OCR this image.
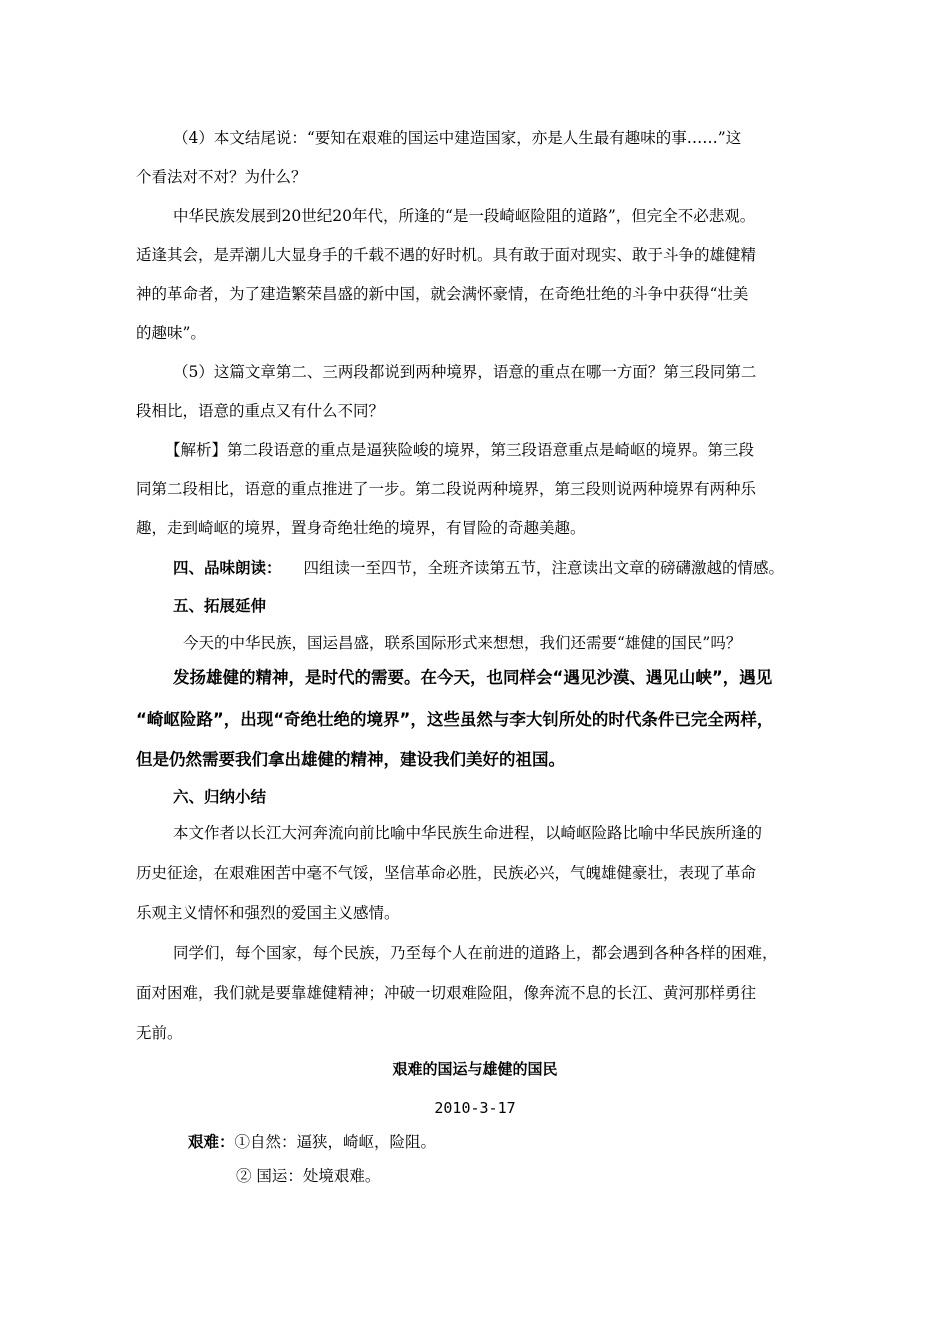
（4）本文结尾说：“要知在艰难的国运中建造国家，亦是人生最有趣味的事……”这
个看法对不对？为什么？
中华民族发展到20世纪20年代，所逢的“是一段崎岖险阻的道路”，但完全不必悲观。
适逢其会，是弄潮儿大显身手的千载不遇的好时机。具有敢于面对现实、敢于斗争的雄健精
神的革命者，为了建造繁荣昌盛的新中国，就会满怀豪情，在奇绝壮绝的斗争中获得“壮美
的趣味”。
（5）这篇文章第二、三两段都说到两种境界，语意的重点在哪一方面？第三段同第二
段相比，语意的重点又有什么不同？
【解析】第二段语意的重点是逼狭险峻的境界，第三段语意重点是崎岖的境界。第三段
同第二段相比，语意的重点推进了一步。第二段说两种境界，第三段则说两种境界有两种乐
趣，走到崎岖的境界，置身奇绝壮绝的境界，有冒险的奇趣美趣。
四、品味朗读： 四组读一至四节，全班齐读第五节，注意读出文章的磅礴激越的情感。
五、拓展延伸
今天的中华民族，国运昌盛，联系国际形式来想想，我们还需要“雄健的国民”吗？
发扬雄健的精神，是时代的需要。在今天，也同样会“遇见沙漠、遇见山峡”，遇见
“崎岖险路”，出现“奇绝壮绝的境界”，这些虽然与李大钊所处的时代条件已完全两样，
但是仍然需要我们拿出雄健的精神，建设我们美好的祖国。
六、归纳小结
本文作者以长江大河奔流向前比喻中华民族生命进程，以崎岖险路比喻中华民族所逢的
历史征途，在艰难困苦中毫不气馁，坚信革命必胜，民族必兴，气魄雄健豪壮，表现了革命
乐观主义情怀和强烈的爱国主义感情。
同学们，每个国家，每个民族，乃至每个人在前进的道路上，都会遇到各种各样的困难，
面对困难，我们就是要靠雄健精神；冲破一切艰难险阻，像奔流不息的长江、黄河那样勇往
无前。
艰难的国运与雄健的国民
2010-3-17
艰难：①自然：逼狭，崎岖，险阻。
② 国运：处境艰难。
